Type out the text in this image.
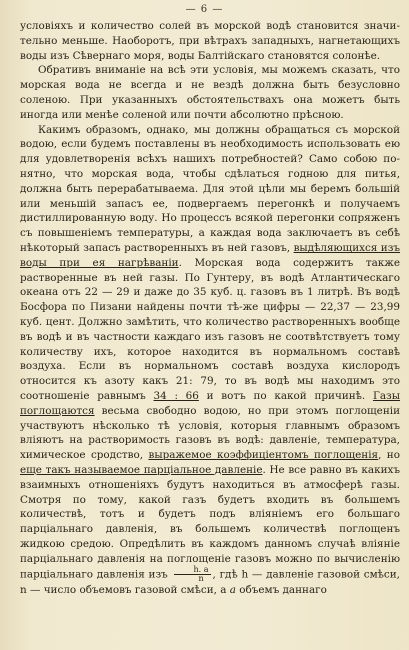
— 6 —

условiяхъ и количество солей въ морской водѣ становится значительно меньше. Наоборотъ, при вѣтрахъ западныхъ, нагнетающихъ воды изъ Сѣвернаго моря, воды Балтiйскаго становятся солонѣе.

Обративъ вниманiе на всѣ эти условiя, мы можемъ сказать, что морская вода не всегда и не вездѣ должна быть безусловно соленою. При указанныхъ обстоятельствахъ она можетъ быть иногда или менѣе соленой или почти абсолютно прѣсною.

Какимъ образомъ, однако, мы должны обращаться съ морской водою, если будемъ поставлены въ необходимость использовать ею для удовлетворенiя всѣхъ нашихъ потребностей? Само собою понятно, что морская вода, чтобы сдѣлаться годною для питья, должна быть перерабатываема. Для этой цѣли мы беремъ большiй или меньшiй запасъ ее, подвергаемъ перегонкѣ и получаемъ дистиллированную воду. Но процессъ всякой перегонки сопряженъ съ повышенiемъ температуры, а каждая вода заключаетъ въ себѣ нѣкоторый запасъ растворенныхъ въ ней газовъ, выдѣляющихся изъ воды при ея нагрѣванiи. Морская вода содержитъ также растворенные въ ней газы. По Гунтеру, въ водѣ Атлантическаго океана отъ 22 — 29 и даже до 35 куб. ц. газовъ въ 1 литрѣ. Въ водѣ Босфора по Пизани найдены почти тѣ-же цифры — 22,37 — 23,99 куб. цент. Должно замѣтить, что количество растворенныхъ вообще въ водѣ и въ частности каждаго изъ газовъ не соотвѣтствуетъ тому количеству ихъ, которое находится въ нормальномъ составѣ воздуха. Если въ нормальномъ составѣ воздуха кислородъ относится къ азоту какъ 21: 79, то въ водѣ мы находимъ это соотношенiе равнымъ 34 : 66 и вотъ по какой причинѣ. Газы поглощаются весьма свободно водою, но при этомъ поглощенiи участвуютъ нѣсколько тѣ условiя, которыя главнымъ образомъ влiяютъ на растворимость газовъ въ водѣ: давленiе, температура, химическое сродство, выражемое коэффицiентомъ поглощенiя, но еще такъ называемое парцiальное давленiе. Не все равно въ какихъ взаимныхъ отношенiяхъ будутъ находиться въ атмосферѣ газы. Смотря по тому, какой газъ будетъ входить въ большемъ количествѣ, тотъ и будетъ подъ влiянiемъ его большаго парцiальнаго давленiя, въ большемъ количествѣ поглощенъ жидкою средою. Опредѣлить въ каждомъ данномъ случаѣ влiянiе парцiальнаго давленiя на поглощенiе газовъ можно по вычисленiю парцiальнаго давленiя изъ $\frac{h. a}{n}$ , гдѣ h — давленiе газовой смѣси, n — число объемовъ газовой смѣси, а a объемъ даннаго
